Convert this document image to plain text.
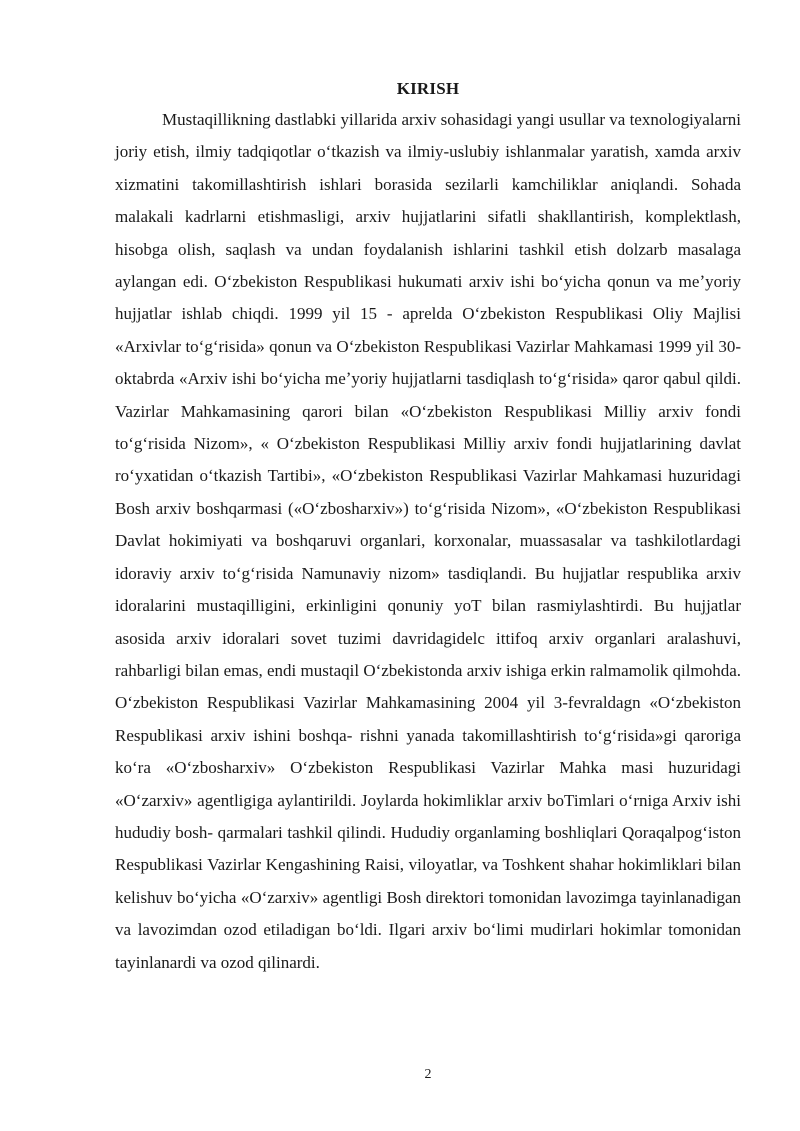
KIRISH

Mustaqillikning dastlabki yillarida arxiv sohasidagi yangi usullar va texnologiyalarni joriy etish, ilmiy tadqiqotlar oʻtkazish va ilmiy-uslubiy ishlanmalar yaratish, xamda arxiv xizmatini takomillashtirish ishlari borasida sezilarli kamchiliklar aniqlandi. Sohada malakali kadrlarni etishmasligi, arxiv hujjatlarini sifatli shakllantirish, komplektlash, hisobga olish, saqlash va undan foydalanish ishlarini tashkil etish dolzarb masalaga aylangan edi. Oʻzbekiston Respublikasi hukumati arxiv ishi boʻyicha qonun va meʼyoriy hujjatlar ishlab chiqdi. 1999 yil 15 - aprelda Oʻzbekiston Respublikasi Oliy Majlisi «Arxivlar toʻgʻrisida» qonun va Oʻzbekiston Respublikasi Vazirlar Mahkamasi 1999 yil 30-oktabrda «Arxiv ishi boʻyicha meʼyoriy hujjatlarni tasdiqlash toʻgʻrisida» qaror qabul qildi. Vazirlar Mahkamasining qarori bilan «Oʻzbekiston Respublikasi Milliy arxiv fondi toʻgʻrisida Nizom», « Oʻzbekiston Respublikasi Milliy arxiv fondi hujjatlarining davlat roʻyxatidan oʻtkazish Tartibi», «Oʻzbekiston Respublikasi Vazirlar Mahkamasi huzuridagi Bosh arxiv boshqarmasi («Oʻzbosharxiv») toʻgʻrisida Nizom», «Oʻzbekiston Respublikasi Davlat hokimiyati va boshqaruvi organlari, korxonalar, muassasalar va tashkilotlardagi idoraviy arxiv toʻgʻrisida Namunaviy nizom» tasdiqlandi. Bu hujjatlar respublika arxiv idoralarini mustaqilligini, erkinligini qonuniy yoT bilan rasmiylashtirdi. Bu hujjatlar asosida arxiv idoralari sovet tuzimi davridagidelc ittifoq arxiv organlari aralashuvi, rahbarligi bilan emas, endi mustaqil Oʻzbekistonda arxiv ishiga erkin ralmamolik qilmohda. Oʻzbekiston Respublikasi Vazirlar Mahkamasining 2004 yil 3-fevraldagn «Oʻzbekiston Respublikasi arxiv ishini boshqa- rishni yanada takomillashtirish toʻgʻrisida»gi qaroriga koʻra «Oʻzbosharxiv» Oʻzbekiston Respublikasi Vazirlar Mahka masi huzuridagi «Oʻzarxiv» agentligiga aylantirildi. Joylarda hokimliklar arxiv boTimlari oʻrniga Arxiv ishi hududiy bosh- qarmalari tashkil qilindi. Hududiy organlaming boshliqlari Qoraqalpogʻiston Respublikasi Vazirlar Kengashining Raisi, viloyatlar, va Toshkent shahar hokimliklari bilan kelishuv boʻyicha «Oʻzarxiv» agentligi Bosh direktori tomonidan lavozimga tayinlanadigan va lavozimdan ozod etiladigan boʻldi. Ilgari arxiv boʻlimi mudirlari hokimlar tomonidan tayinlanardi va ozod qilinardi.

2
